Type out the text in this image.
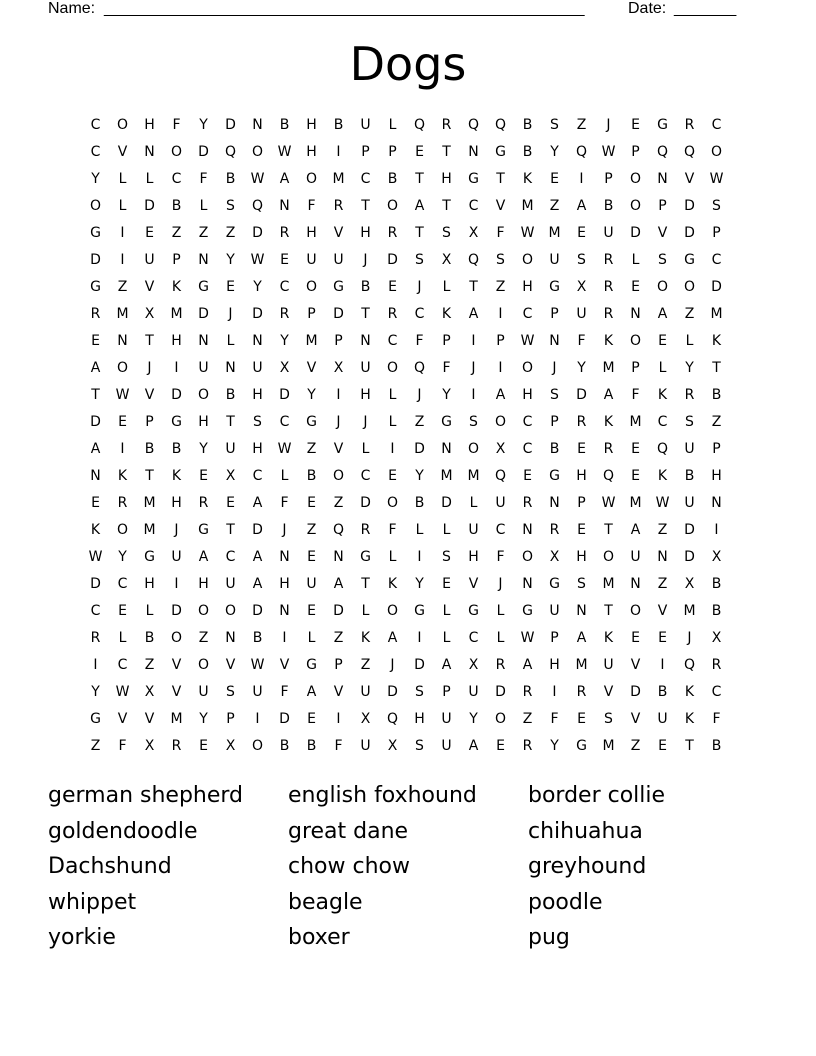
Name: ______________________________________________________	Date: _______
Dogs
C	O	H	F	Y	D	N	B	H	B	U	L	Q	R	Q	Q	B	S	Z	J	E	G	R	C
C	V	N	O	D	Q	O	W	H	I	P	P	E	T	N	G	B	Y	Q	W	P	Q	Q	O
Y	L	L	C	F	B	W	A	O	M	C	B	T	H	G	T	K	E	I	P	O	N	V	W
O	L	D	B	L	S	Q	N	F	R	T	O	A	T	C	V	M	Z	A	B	O	P	D	S
G	I	E	Z	Z	Z	D	R	H	V	H	R	T	S	X	F	W	M	E	U	D	V	D	P
D	I	U	P	N	Y	W	E	U	U	J	D	S	X	Q	S	O	U	S	R	L	S	G	C
G	Z	V	K	G	E	Y	C	O	G	B	E	J	L	T	Z	H	G	X	R	E	O	O	D
R	M	X	M	D	J	D	R	P	D	T	R	C	K	A	I	C	P	U	R	N	A	Z	M
E	N	T	H	N	L	N	Y	M	P	N	C	F	P	I	P	W	N	F	K	O	E	L	K
A	O	J	I	U	N	U	X	V	X	U	O	Q	F	J	I	O	J	Y	M	P	L	Y	T
T	W	V	D	O	B	H	D	Y	I	H	L	J	Y	I	A	H	S	D	A	F	K	R	B
D	E	P	G	H	T	S	C	G	J	J	L	Z	G	S	O	C	P	R	K	M	C	S	Z
A	I	B	B	Y	U	H	W	Z	V	L	I	D	N	O	X	C	B	E	R	E	Q	U	P
N	K	T	K	E	X	C	L	B	O	C	E	Y	M	M	Q	E	G	H	Q	E	K	B	H
E	R	M	H	R	E	A	F	E	Z	D	O	B	D	L	U	R	N	P	W	M	W	U	N
K	O	M	J	G	T	D	J	Z	Q	R	F	L	L	U	C	N	R	E	T	A	Z	D	I
W	Y	G	U	A	C	A	N	E	N	G	L	I	S	H	F	O	X	H	O	U	N	D	X
D	C	H	I	H	U	A	H	U	A	T	K	Y	E	V	J	N	G	S	M	N	Z	X	B
C	E	L	D	O	O	D	N	E	D	L	O	G	L	G	L	G	U	N	T	O	V	M	B
R	L	B	O	Z	N	B	I	L	Z	K	A	I	L	C	L	W	P	A	K	E	E	J	X
I	C	Z	V	O	V	W	V	G	P	Z	J	D	A	X	R	A	H	M	U	V	I	Q	R
Y	W	X	V	U	S	U	F	A	V	U	D	S	P	U	D	R	I	R	V	D	B	K	C
G	V	V	M	Y	P	I	D	E	I	X	Q	H	U	Y	O	Z	F	E	S	V	U	K	F
Z	F	X	R	E	X	O	B	B	F	U	X	S	U	A	E	R	Y	G	M	Z	E	T	B
german shepherd	english foxhound	border collie
goldendoodle	great dane	chihuahua
Dachshund	chow chow	greyhound
whippet	beagle	poodle
yorkie	boxer	pug
